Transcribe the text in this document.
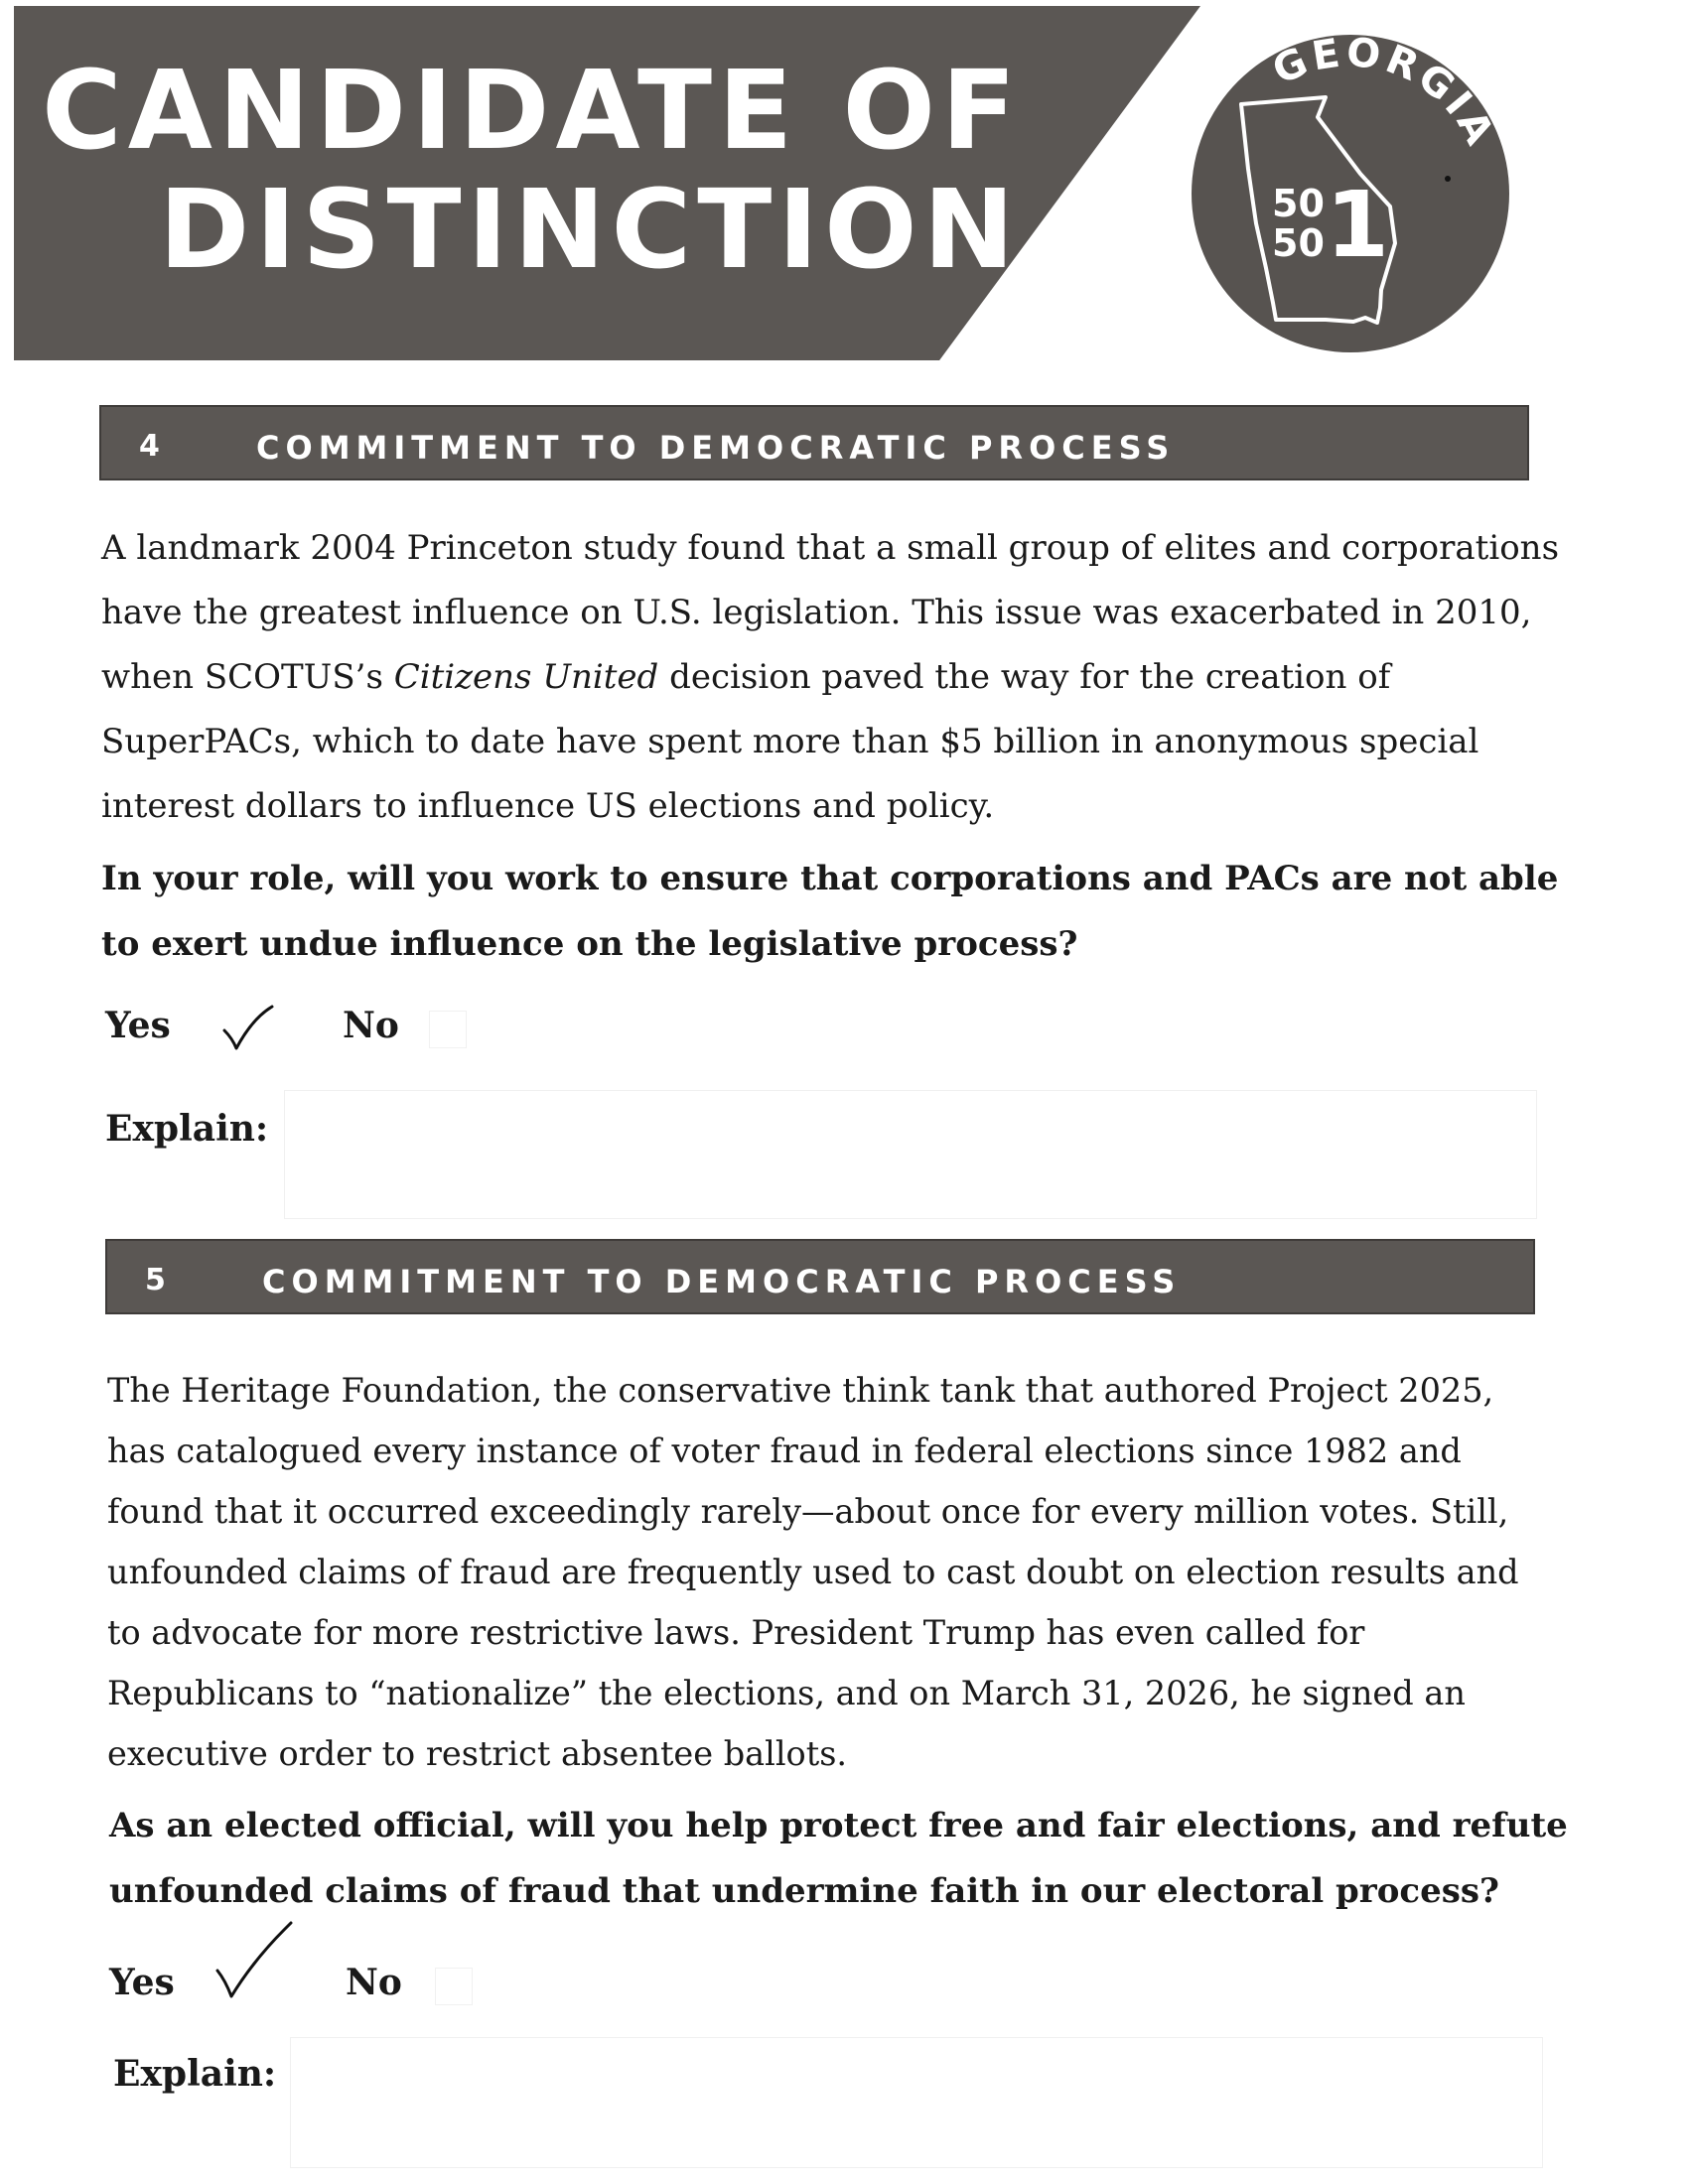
CANDIDATE OF
DISTINCTION
GEORGIA
50
50 1
4	COMMITMENT TO DEMOCRATIC PROCESS

A landmark 2004 Princeton study found that a small group of elites and corporations have the greatest influence on U.S. legislation. This issue was exacerbated in 2010, when SCOTUS’s Citizens United decision paved the way for the creation of SuperPACs, which to date have spent more than $5 billion in anonymous special interest dollars to influence US elections and policy.

In your role, will you work to ensure that corporations and PACs are not able to exert undue influence on the legislative process?

Yes	No
Explain:
5	COMMITMENT TO DEMOCRATIC PROCESS

The Heritage Foundation, the conservative think tank that authored Project 2025, has catalogued every instance of voter fraud in federal elections since 1982 and found that it occurred exceedingly rarely—about once for every million votes. Still, unfounded claims of fraud are frequently used to cast doubt on election results and to advocate for more restrictive laws. President Trump has even called for Republicans to “nationalize” the elections, and on March 31, 2026, he signed an executive order to restrict absentee ballots.

As an elected official, will you help protect free and fair elections, and refute unfounded claims of fraud that undermine faith in our electoral process?

Yes	No
Explain:
